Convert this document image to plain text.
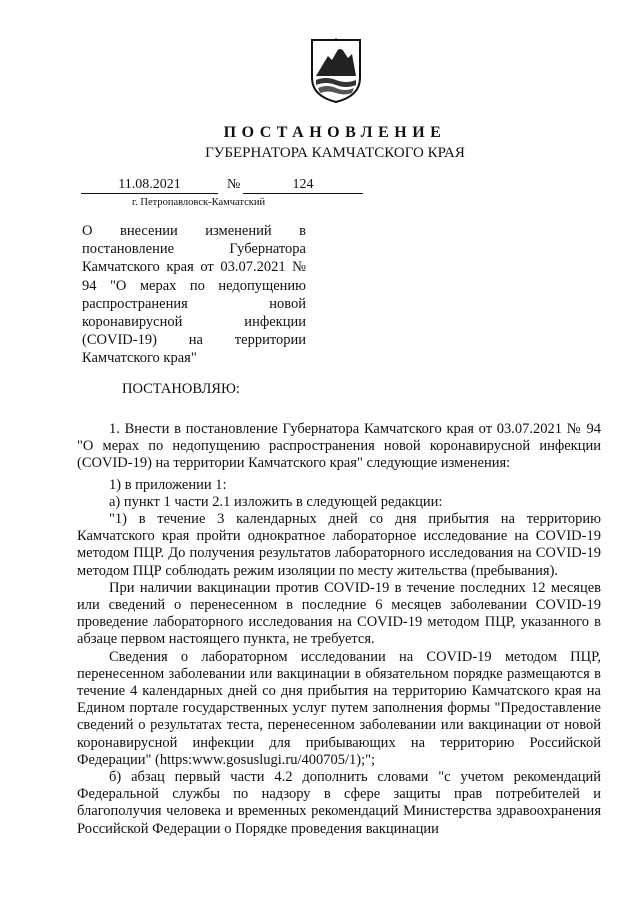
ПОСТАНОВЛЕНИЕ
ГУБЕРНАТОРА КАМЧАТСКОГО КРАЯ
11.08.2021	№	124
г. Петропавловск-Камчатский
О внесении изменений в постановление Губернатора Камчатского края от 03.07.2021 № 94 "О мерах по недопущению распространения новой коронавирусной инфекции (COVID-19) на территории Камчатского края"
ПОСТАНОВЛЯЮ:

1. Внести в постановление Губернатора Камчатского края от 03.07.2021 № 94 "О мерах по недопущению распространения новой коронавирусной инфекции (COVID-19) на территории Камчатского края" следующие изменения:

1) в приложении 1:

а) пункт 1 части 2.1 изложить в следующей редакции:

"1) в течение 3 календарных дней со дня прибытия на территорию Камчатского края пройти однократное лабораторное исследование на COVID-19 методом ПЦР. До получения результатов лабораторного исследования на COVID-19 методом ПЦР соблюдать режим изоляции по месту жительства (пребывания).

При наличии вакцинации против COVID-19 в течение последних 12 месяцев или сведений о перенесенном в последние 6 месяцев заболевании COVID-19 проведение лабораторного исследования на COVID-19 методом ПЦР, указанного в абзаце первом настоящего пункта, не требуется.

Сведения о лабораторном исследовании на COVID-19 методом ПЦР, перенесенном заболевании или вакцинации в обязательном порядке размещаются в течение 4 календарных дней со дня прибытия на территорию Камчатского края на Едином портале государственных услуг путем заполнения формы "Предоставление сведений о результатах теста, перенесенном заболевании или вакцинации от новой коронавирусной инфекции для прибывающих на территорию Российской Федерации" (https:www.gosuslugi.ru/400705/1);";

б) абзац первый части 4.2 дополнить словами "с учетом рекомендаций Федеральной службы по надзору в сфере защиты прав потребителей и благополучия человека и временных рекомендаций Министерства здравоохранения Российской Федерации о Порядке проведения вакцинации
